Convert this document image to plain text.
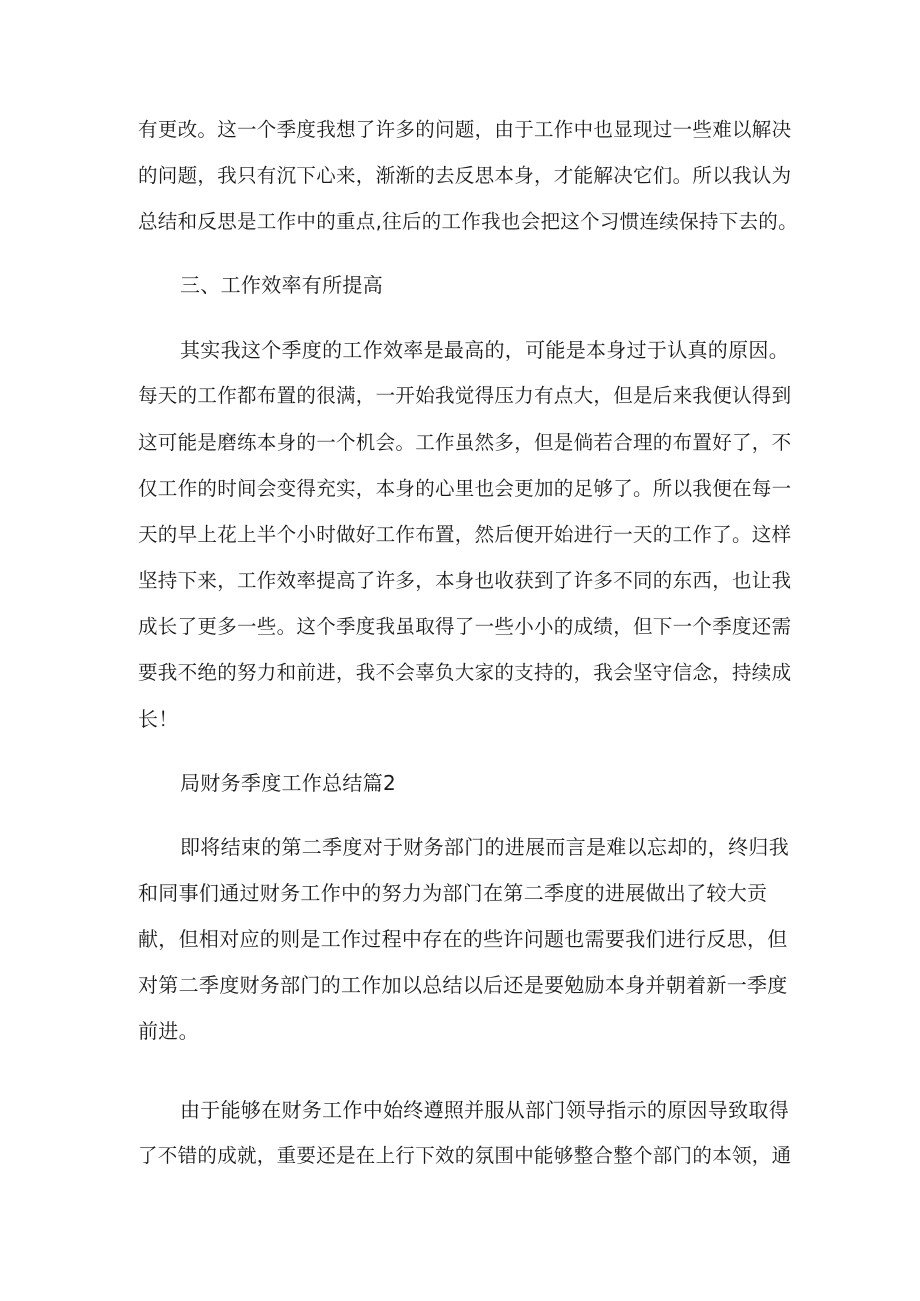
有更改。这一个季度我想了许多的问题，由于工作中也显现过一些难以解决
的问题，我只有沉下心来，渐渐的去反思本身，才能解决它们。所以我认为
总结和反思是工作中的重点,往后的工作我也会把这个习惯连续保持下去的。
三、工作效率有所提高
其实我这个季度的工作效率是最高的，可能是本身过于认真的原因。
每天的工作都布置的很满，一开始我觉得压力有点大，但是后来我便认得到
这可能是磨练本身的一个机会。工作虽然多，但是倘若合理的布置好了，不
仅工作的时间会变得充实，本身的心里也会更加的足够了。所以我便在每一
天的早上花上半个小时做好工作布置，然后便开始进行一天的工作了。这样
坚持下来，工作效率提高了许多，本身也收获到了许多不同的东西，也让我
成长了更多一些。这个季度我虽取得了一些小小的成绩，但下一个季度还需
要我不绝的努力和前进，我不会辜负大家的支持的，我会坚守信念，持续成
长！
局财务季度工作总结篇2
即将结束的第二季度对于财务部门的进展而言是难以忘却的，终归我
和同事们通过财务工作中的努力为部门在第二季度的进展做出了较大贡
献，但相对应的则是工作过程中存在的些许问题也需要我们进行反思，但
对第二季度财务部门的工作加以总结以后还是要勉励本身并朝着新一季度
前进。
由于能够在财务工作中始终遵照并服从部门领导指示的原因导致取得
了不错的成就，重要还是在上行下效的氛围中能够整合整个部门的本领，通
